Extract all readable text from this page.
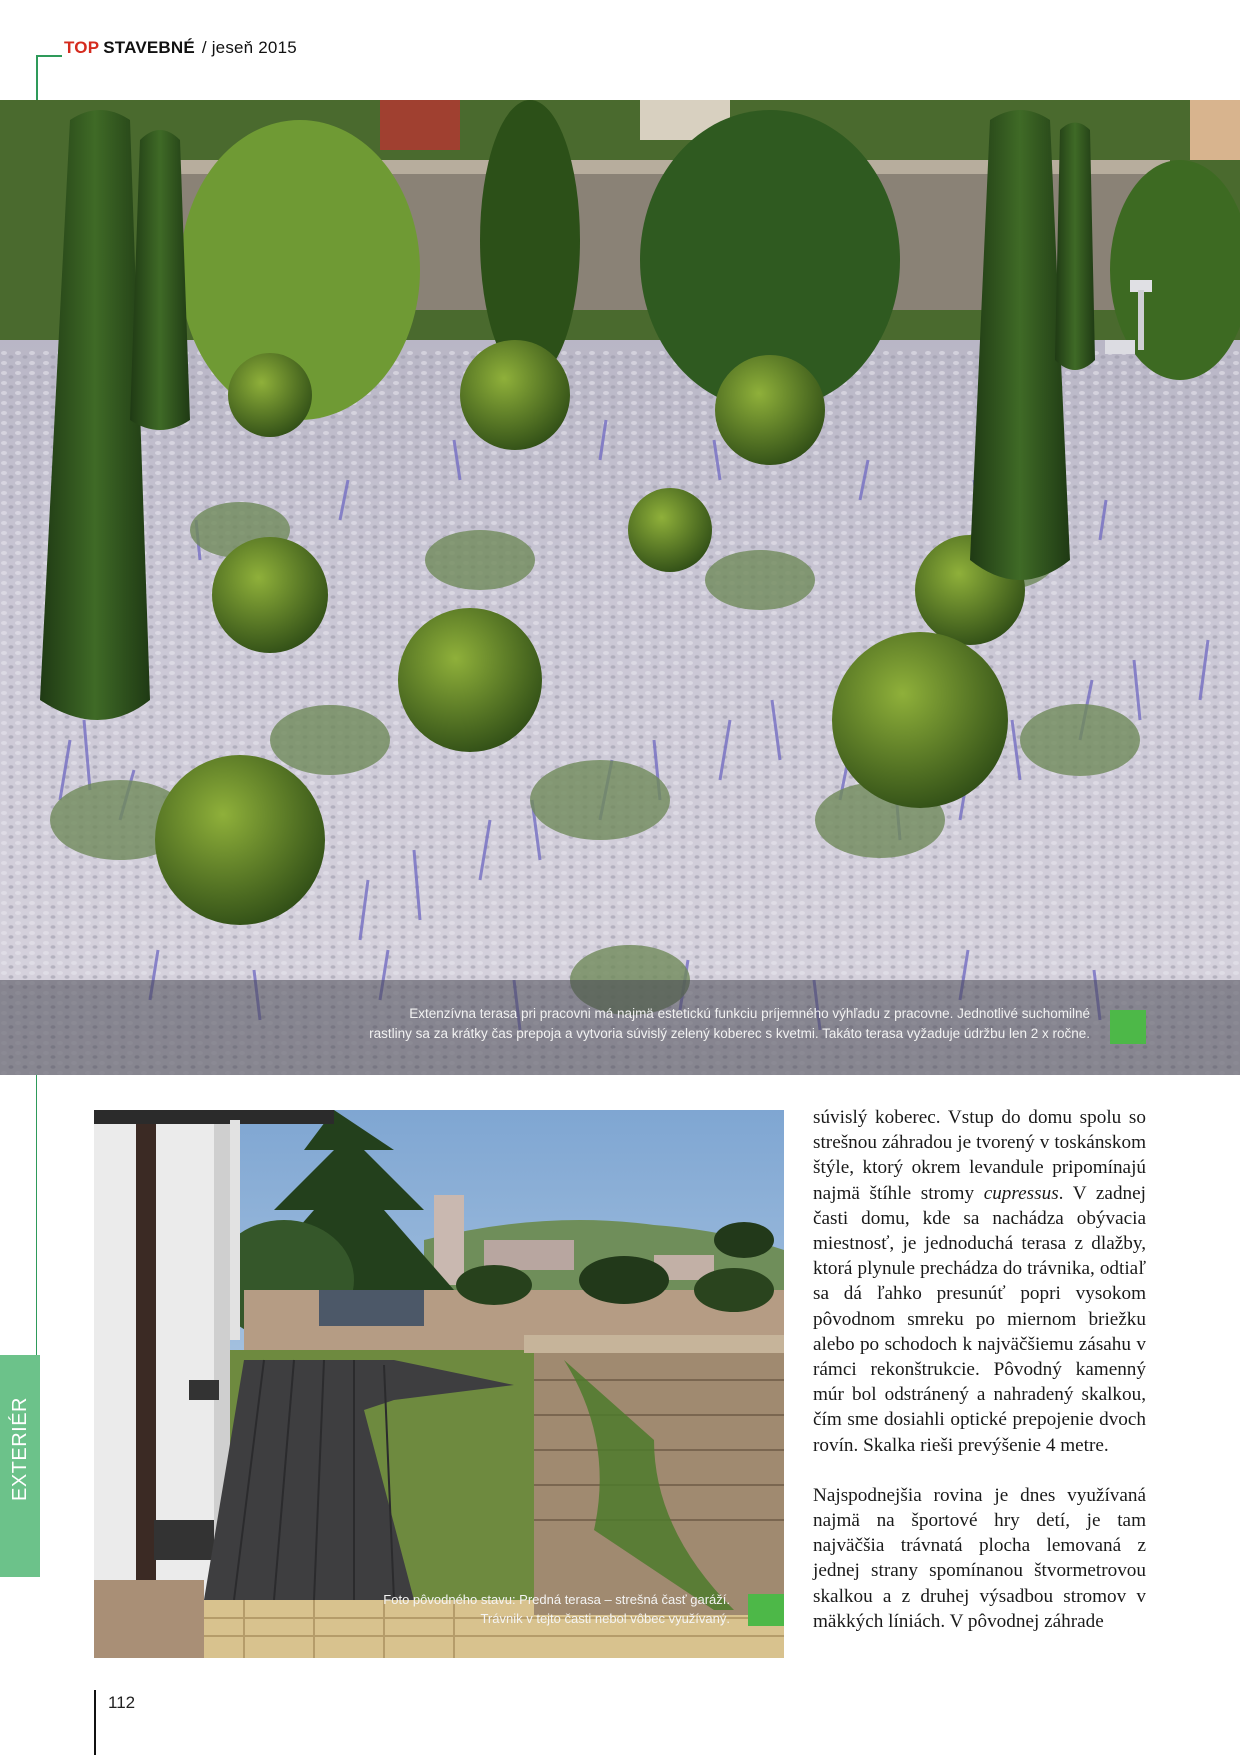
TOP STAVEBNÉ / jeseň 2015
Extenzívna terasa pri pracovni má najmä estetickú funkciu príjemného výhľadu z pracovne. Jednotlivé suchomilné
rastliny sa za krátky čas prepoja a vytvoria súvislý zelený koberec s kvetmi. Takáto terasa vyžaduje údržbu len 2 x ročne.
Foto pôvodného stavu: Predná terasa – strešná časť garáží.
Trávnik v tejto časti nebol vôbec využívaný.

súvislý koberec. Vstup do domu spolu so strešnou záhradou je tvorený v toskánskom štýle, ktorý okrem levandule pripomínajú najmä štíhle stromy cupressus. V zadnej časti domu, kde sa nachádza obývacia miestnosť, je jednoduchá terasa z dlažby, ktorá plynule prechádza do trávnika, odtiaľ sa dá ľahko presunúť popri vysokom pôvodnom smreku po miernom briežku alebo po schodoch k najväčšiemu zásahu v rámci rekonštrukcie. Pôvodný kamenný múr bol odstránený a nahradený skalkou, čím sme dosiahli optické prepojenie dvoch rovín. Skalka rieši prevýšenie 4 metre.

Najspodnejšia rovina je dnes využívaná najmä na športové hry detí, je tam najväčšia trávnatá plocha lemovaná z jednej strany spomínanou štvormetrovou skalkou a z druhej výsadbou stromov v mäkkých líniách. V pôvodnej záhrade

EXTERIÉR
112
